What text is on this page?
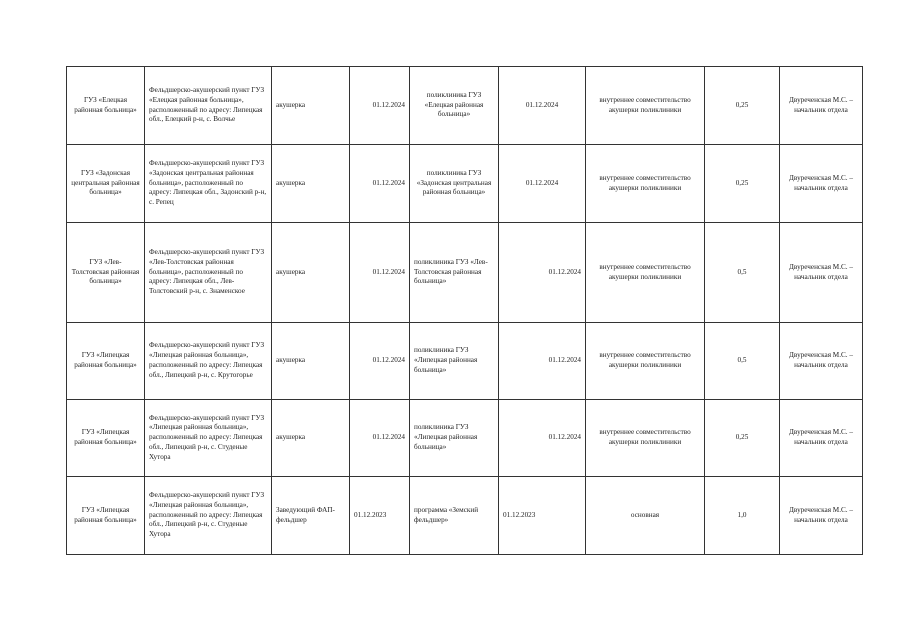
ГУЗ «Елецкая районная больница»	Фельдшерско-акушерский пункт ГУЗ «Елецкая районная больница», расположенный по адресу: Липецкая обл., Елецкий р-н, с. Волчье	акушерка	01.12.2024	поликлиника ГУЗ «Елецкая районная больница»	01.12.2024	внутреннее совместительство акушерки поликлиники	0,25	Двуреченская М.С. – начальник отдела
ГУЗ «Задонская центральная районная больница»	Фельдшерско-акушерский пункт ГУЗ «Задонская центральная районная больница», расположенный по адресу: Липецкая обл., Задонский р-н, с. Репец	акушерка	01.12.2024	поликлиника ГУЗ «Задонская центральная районная больница»	01.12.2024	внутреннее совместительство акушерки поликлиники	0,25	Двуреченская М.С. – начальник отдела
ГУЗ «Лев-Толстовская районная больница»	Фельдшерско-акушерский пункт ГУЗ «Лев-Толстовская районная больница», расположенный по адресу: Липецкая обл., Лев-Толстовский р-н, с. Знаменское	акушерка	01.12.2024	поликлиника ГУЗ «Лев-Толстовская районная больница»	01.12.2024	внутреннее совместительство акушерки поликлиники	0,5	Двуреченская М.С. – начальник отдела
ГУЗ «Липецкая районная больница»	Фельдшерско-акушерский пункт ГУЗ «Липецкая районная больница», расположенный по адресу: Липецкая обл., Липецкий р-н, с. Крутогорье	акушерка	01.12.2024	поликлиника ГУЗ «Липецкая районная больница»	01.12.2024	внутреннее совместительство акушерки поликлиники	0,5	Двуреченская М.С. – начальник отдела
ГУЗ «Липецкая районная больница»	Фельдшерско-акушерский пункт ГУЗ «Липецкая районная больница», расположенный по адресу: Липецкая обл., Липецкий р-н, с. Студеные Хутора	акушерка	01.12.2024	поликлиника ГУЗ «Липецкая районная больница»	01.12.2024	внутреннее совместительство акушерки поликлиники	0,25	Двуреченская М.С. – начальник отдела
ГУЗ «Липецкая районная больница»	Фельдшерско-акушерский пункт ГУЗ «Липецкая районная больница», расположенный по адресу: Липецкая обл., Липецкий р-н, с. Студеные Хутора	Заведующий ФАП-фельдшер	01.12.2023	программа «Земский фельдшер»	01.12.2023	основная	1,0	Двуреченская М.С. – начальник отдела
